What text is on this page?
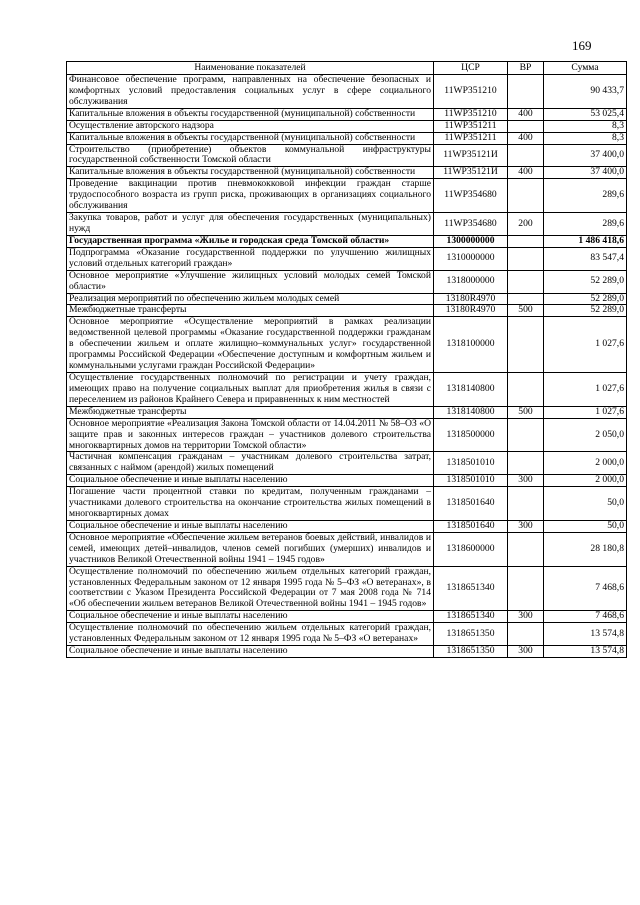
169
Наименование показателей	ЦСР	ВР	Сумма
Финансовое обеспечение программ, направленных на обеспечение безопасных и комфортных условий предоставления социальных услуг в сфере социального обслуживания	11WP351210		90 433,7
Капитальные вложения в объекты государственной (муниципальной) собственности	11WP351210	400	53 025,4
Осуществление авторского надзора	11WP351211		8,3
Капитальные вложения в объекты государственной (муниципальной) собственности	11WP351211	400	8,3
Строительство (приобретение) объектов коммунальной инфраструктуры государственной собственности Томской области	11WP35121И		37 400,0
Капитальные вложения в объекты государственной (муниципальной) собственности	11WP35121И	400	37 400,0
Проведение вакцинации против пневмококковой инфекции граждан старше трудоспособного возраста из групп риска, проживающих в организациях социального обслуживания	11WP354680		289,6
Закупка товаров, работ и услуг для обеспечения государственных (муниципальных) нужд	11WP354680	200	289,6
Государственная программа «Жилье и городская среда Томской области»	1300000000		1 486 418,6
Подпрограмма «Оказание государственной поддержки по улучшению жилищных условий отдельных категорий граждан»	1310000000		83 547,4
Основное мероприятие «Улучшение жилищных условий молодых семей Томской области»	1318000000		52 289,0
Реализация мероприятий по обеспечению жильем молодых семей	13180R4970		52 289,0
Межбюджетные трансферты	13180R4970	500	52 289,0
Основное мероприятие «Осуществление мероприятий в рамках реализации ведомственной целевой программы «Оказание государственной поддержки гражданам в обеспечении жильем и оплате жилищно–коммунальных услуг» государственной программы Российской Федерации «Обеспечение доступным и комфортным жильем и коммунальными услугами граждан Российской Федерации»	1318100000		1 027,6
Осуществление государственных полномочий по регистрации и учету граждан, имеющих право на получение социальных выплат для приобретения жилья в связи с переселением из районов Крайнего Севера и приравненных к ним местностей	1318140800		1 027,6
Межбюджетные трансферты	1318140800	500	1 027,6
Основное мероприятие «Реализация Закона Томской области от 14.04.2011 № 58–ОЗ «О защите прав и законных интересов граждан – участников долевого строительства многоквартирных домов на территории Томской области»	1318500000		2 050,0
Частичная компенсация гражданам – участникам долевого строительства затрат, связанных с наймом (арендой) жилых помещений	1318501010		2 000,0
Социальное обеспечение и иные выплаты населению	1318501010	300	2 000,0
Погашение части процентной ставки по кредитам, полученным гражданами – участниками долевого строительства на окончание строительства жилых помещений в многоквартирных домах	1318501640		50,0
Социальное обеспечение и иные выплаты населению	1318501640	300	50,0
Основное мероприятие «Обеспечение жильем ветеранов боевых действий, инвалидов и семей, имеющих детей–инвалидов, членов семей погибших (умерших) инвалидов и участников Великой Отечественной войны 1941 – 1945 годов»	1318600000		28 180,8
Осуществление полномочий по обеспечению жильем отдельных категорий граждан, установленных Федеральным законом от 12 января 1995 года № 5–ФЗ «О ветеранах», в соответствии с Указом Президента Российской Федерации от 7 мая 2008 года № 714 «Об обеспечении жильем ветеранов Великой Отечественной войны 1941 – 1945 годов»	1318651340		7 468,6
Социальное обеспечение и иные выплаты населению	1318651340	300	7 468,6
Осуществление полномочий по обеспечению жильем отдельных категорий граждан, установленных Федеральным законом от 12 января 1995 года № 5–ФЗ «О ветеранах»	1318651350		13 574,8
Социальное обеспечение и иные выплаты населению	1318651350	300	13 574,8
